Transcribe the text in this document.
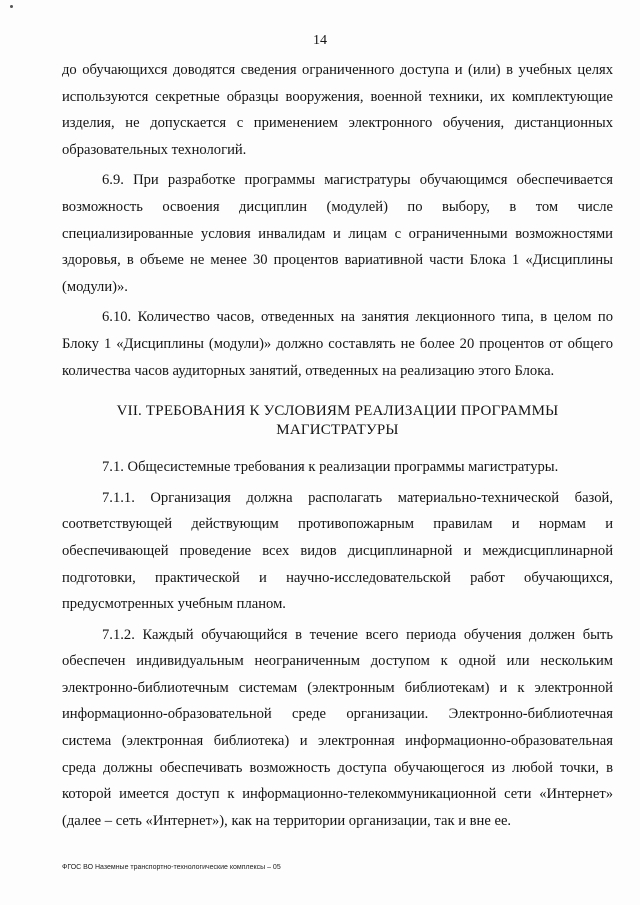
14

до обучающихся доводятся сведения ограниченного доступа и (или) в учебных целях используются секретные образцы вооружения, военной техники, их комплектующие изделия, не допускается с применением электронного обучения, дистанционных образовательных технологий.

6.9. При разработке программы магистратуры обучающимся обеспечивается возможность освоения дисциплин (модулей) по выбору, в том числе специализированные условия инвалидам и лицам с ограниченными возможностями здоровья, в объеме не менее 30 процентов вариативной части Блока 1 «Дисциплины (модули)».

6.10. Количество часов, отведенных на занятия лекционного типа, в целом по Блоку 1 «Дисциплины (модули)» должно составлять не более 20 процентов от общего количества часов аудиторных занятий, отведенных на реализацию этого Блока.

VII. ТРЕБОВАНИЯ К УСЛОВИЯМ РЕАЛИЗАЦИИ ПРОГРАММЫ
МАГИСТРАТУРЫ

7.1. Общесистемные требования к реализации программы магистратуры.

7.1.1. Организация должна располагать материально-технической базой, соответствующей действующим противопожарным правилам и нормам и обеспечивающей проведение всех видов дисциплинарной и междисциплинарной подготовки, практической и научно-исследовательской работ обучающихся, предусмотренных учебным планом.

7.1.2. Каждый обучающийся в течение всего периода обучения должен быть обеспечен индивидуальным неограниченным доступом к одной или нескольким электронно-библиотечным системам (электронным библиотекам) и к электронной информационно-образовательной среде организации. Электронно-библиотечная система (электронная библиотека) и электронная информационно-образовательная среда должны обеспечивать возможность доступа обучающегося из любой точки, в которой имеется доступ к информационно-телекоммуникационной сети «Интернет» (далее – сеть «Интернет»), как на территории организации, так и вне ее.

ФГОС ВО Наземные транспортно-технологические комплексы – 05
